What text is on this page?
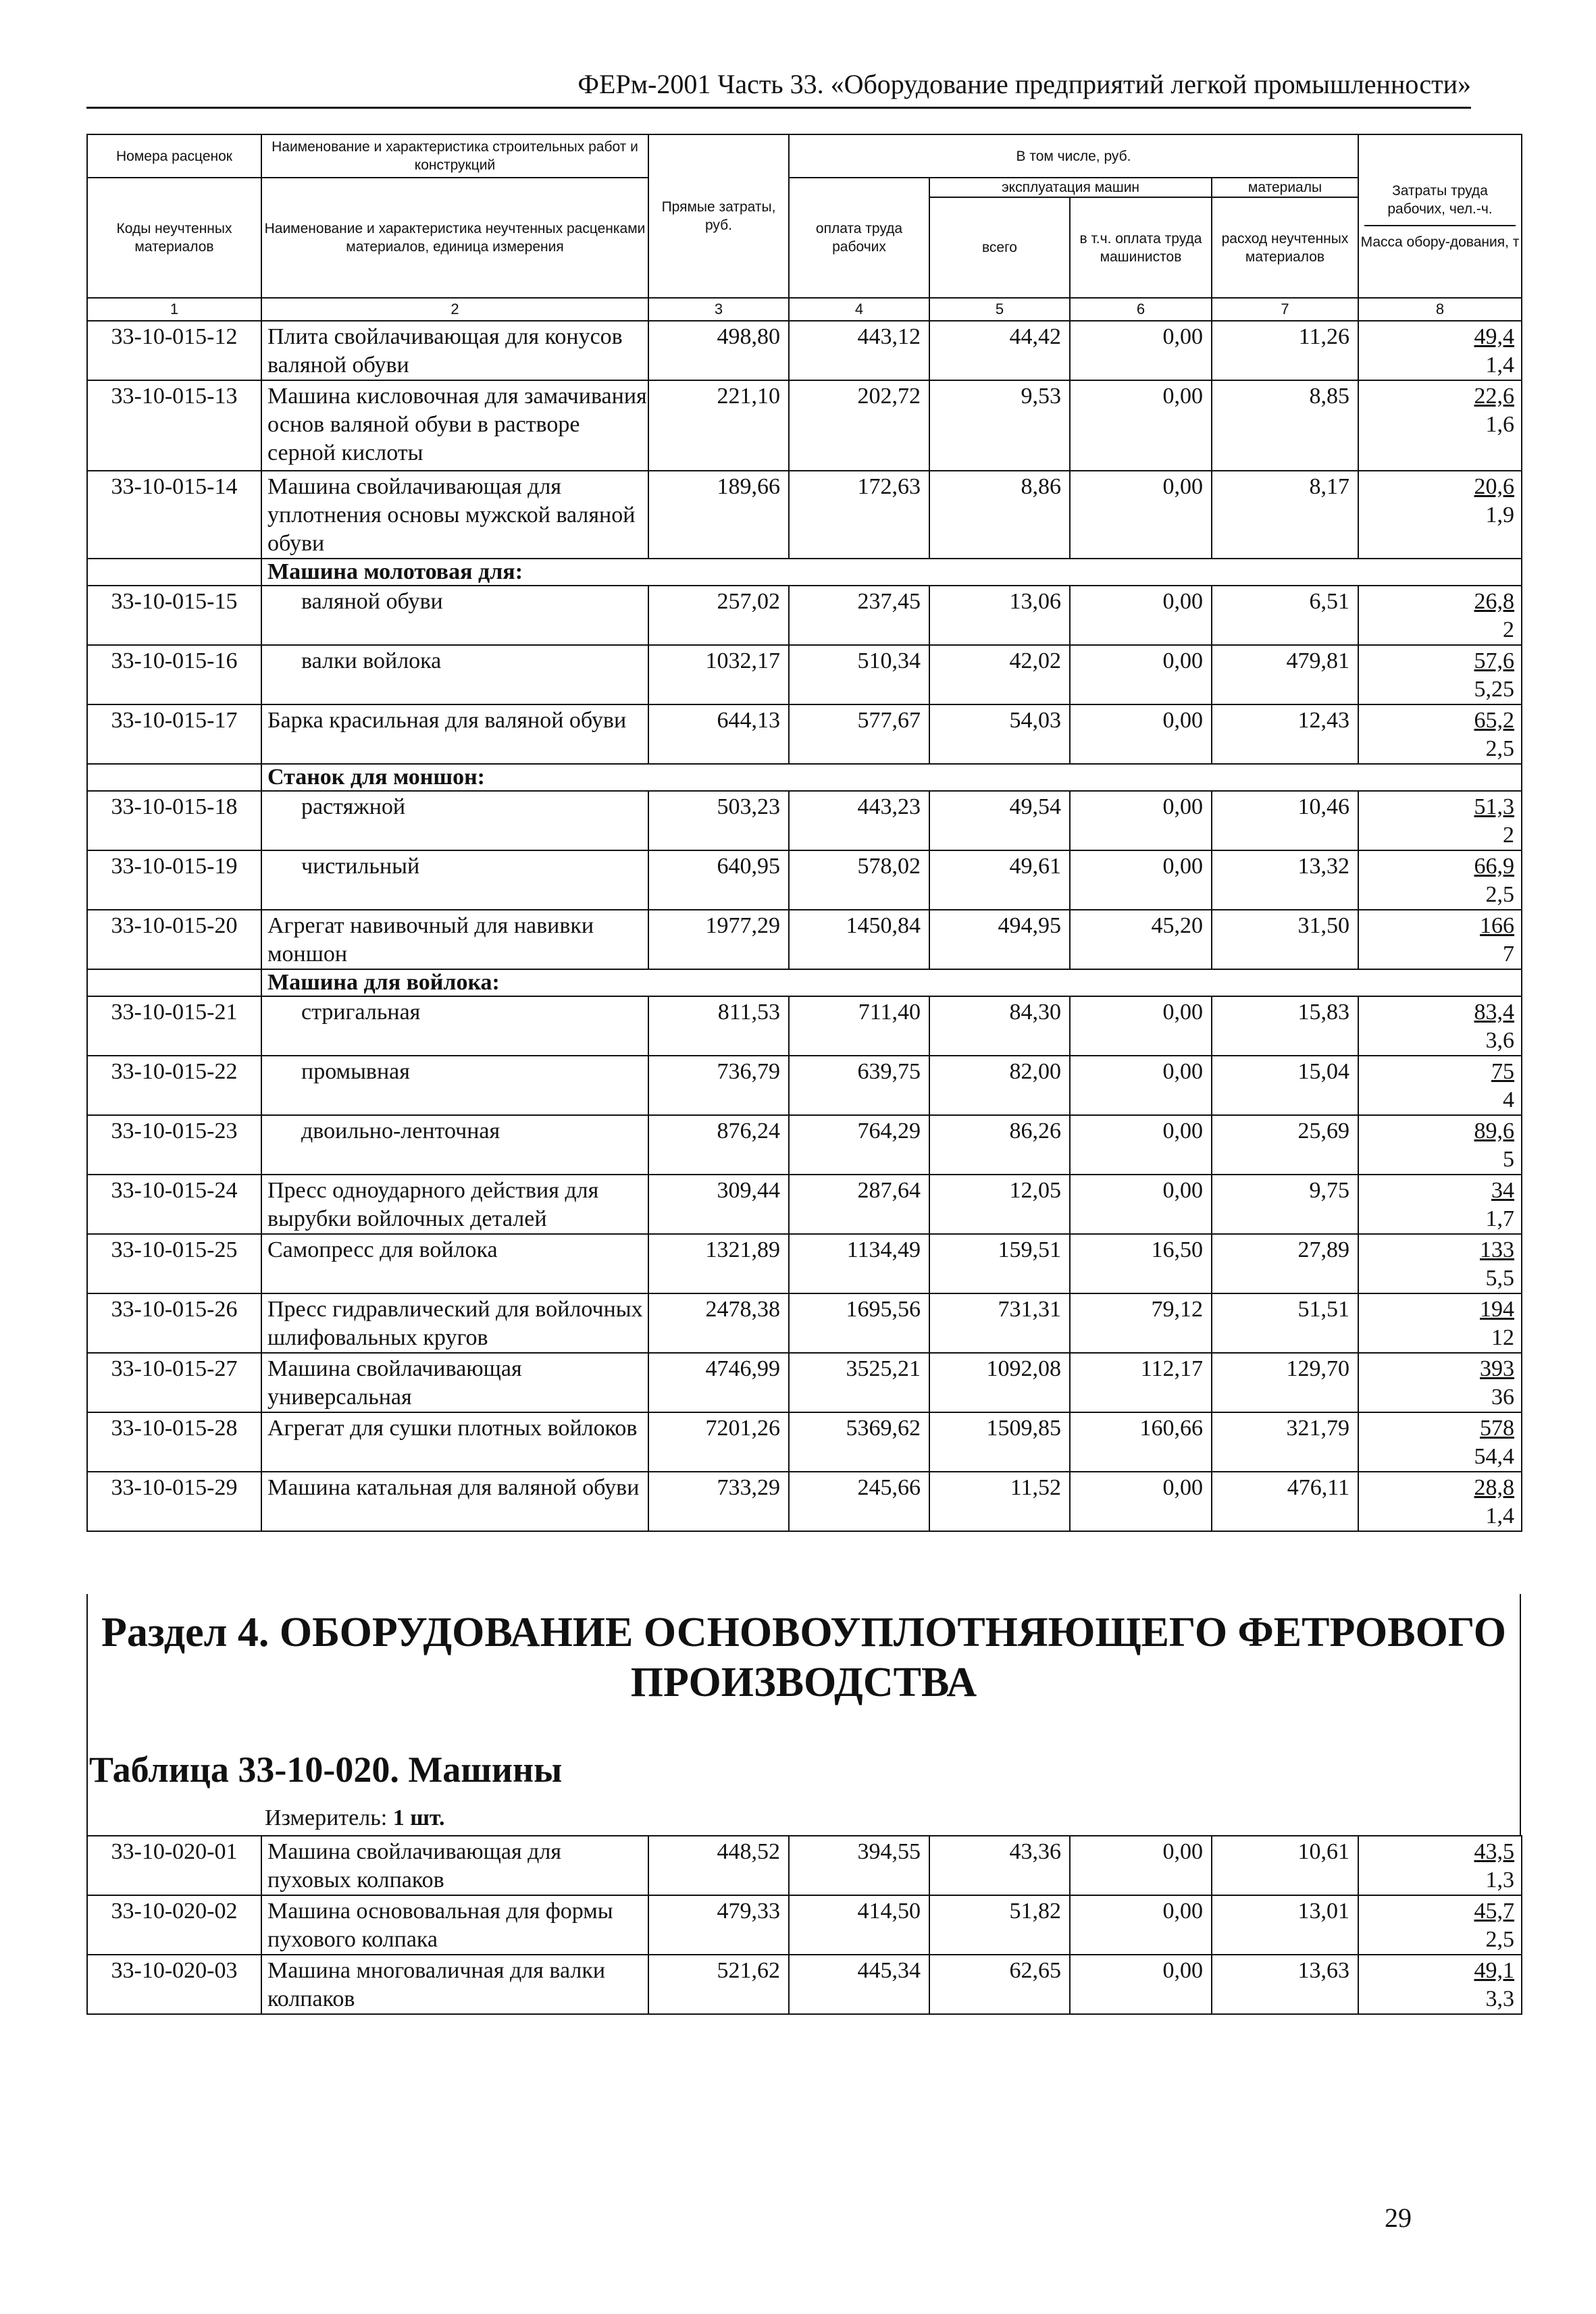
ФЕРм-2001 Часть 33. «Оборудование предприятий легкой промышленности»
Номера расценок	Наименование и характеристика строительных работ и конструкций	Прямые затраты, руб.	В том числе, руб.				Затраты труда рабочих, чел.-ч.
Масса обору-дования, т

Коды неучтенных материалов	Наименование и характеристика неучтенных расценками материалов, единица измерения		оплата труда рабочих	эксплуатация машин		материалы	
				всего	в т.ч. оплата труда машинистов	расход неучтенных материалов	
1	2	3	4	5	6	7	8
33-10-015-12	Плита свойлачивающая для конусов валяной обуви	498,80	443,12	44,42	0,00	11,26	49,4
1,4

33-10-015-13	Машина кисловочная для замачивания основ валяной обуви в растворе серной кислоты	221,10	202,72	9,53	0,00	8,85	22,6
1,6

33-10-015-14	Машина свойлачивающая для уплотнения основы мужской валяной обуви	189,66	172,63	8,86	0,00	8,17	20,6
1,9

	Машина молотовая для:						
33-10-015-15	валяной обуви	257,02	237,45	13,06	0,00	6,51	26,8
2

33-10-015-16	валки войлока	1032,17	510,34	42,02	0,00	479,81	57,6
5,25

33-10-015-17	Барка красильная для валяной обуви	644,13	577,67	54,03	0,00	12,43	65,2
2,5

	Станок для моншон:						
33-10-015-18	растяжной	503,23	443,23	49,54	0,00	10,46	51,3
2

33-10-015-19	чистильный	640,95	578,02	49,61	0,00	13,32	66,9
2,5

33-10-015-20	Агрегат навивочный для навивки моншон	1977,29	1450,84	494,95	45,20	31,50	166
7

	Машина для войлока:						
33-10-015-21	стригальная	811,53	711,40	84,30	0,00	15,83	83,4
3,6

33-10-015-22	промывная	736,79	639,75	82,00	0,00	15,04	75
4

33-10-015-23	двоильно-ленточная	876,24	764,29	86,26	0,00	25,69	89,6
5

33-10-015-24	Пресс одноударного действия для вырубки войлочных деталей	309,44	287,64	12,05	0,00	9,75	34
1,7

33-10-015-25	Самопресс для войлока	1321,89	1134,49	159,51	16,50	27,89	133
5,5

33-10-015-26	Пресс гидравлический для войлочных шлифовальных кругов	2478,38	1695,56	731,31	79,12	51,51	194
12

33-10-015-27	Машина свойлачивающая универсальная	4746,99	3525,21	1092,08	112,17	129,70	393
36

33-10-015-28	Агрегат для сушки плотных войлоков	7201,26	5369,62	1509,85	160,66	321,79	578
54,4

33-10-015-29	Машина катальная для валяной обуви	733,29	245,66	11,52	0,00	476,11	28,8
1,4
Раздел 4. ОБОРУДОВАНИЕ ОСНОВОУПЛОТНЯЮЩЕГО ФЕТРОВОГО
ПРОИЗВОДСТВА
Таблица 33-10-020. Машины
Измеритель: 1 шт.
33-10-020-01	Машина свойлачивающая для пуховых колпаков	448,52	394,55	43,36	0,00	10,61	43,5
1,3

33-10-020-02	Машина основовальная для формы пухового колпака	479,33	414,50	51,82	0,00	13,01	45,7
2,5

33-10-020-03	Машина многоваличная для валки колпаков	521,62	445,34	62,65	0,00	13,63	49,1
3,3
29
